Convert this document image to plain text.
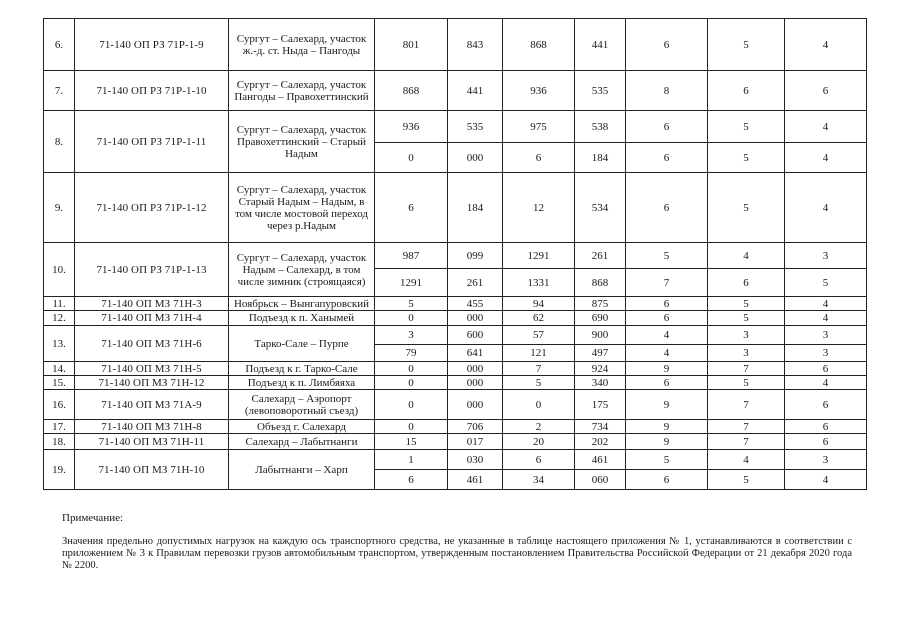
6.	71-140 ОП РЗ 71Р-1-9	Сургут – Салехард, участок ж.-д. ст. Ныда – Пангоды	801	843	868	441	6	5	4
7.	71-140 ОП РЗ 71Р-1-10	Сургут – Салехард, участок Пангоды – Правохеттинский	868	441	936	535	8	6	6
8.	71-140 ОП РЗ 71Р-1-11	Сургут – Салехард, участок Правохеттинский – Старый Надым	936	535	975	538	6	5	4
			0	000	6	184	6	5	4
9.	71-140 ОП РЗ 71Р-1-12	Сургут – Салехард, участок Старый Надым – Надым, в том числе мостовой переход через р.Надым	6	184	12	534	6	5	4
10.	71-140 ОП РЗ 71Р-1-13	Сургут – Салехард, участок Надым – Салехард, в том числе зимник (строящаяся)	987	099	1291	261	5	4	3
			1291	261	1331	868	7	6	5
11.	71-140 ОП МЗ 71Н-3	Ноябрьск – Вынгапуровский	5	455	94	875	6	5	4
12.	71-140 ОП МЗ 71Н-4	Подъезд к п. Ханымей	0	000	62	690	6	5	4
13.	71-140 ОП МЗ 71Н-6	Тарко-Сале – Пурпе	3	600	57	900	4	3	3
			79	641	121	497	4	3	3
14.	71-140 ОП МЗ 71Н-5	Подъезд к г. Тарко-Сале	0	000	7	924	9	7	6
15.	71-140 ОП МЗ 71Н-12	Подъезд к п. Лимбяяха	0	000	5	340	6	5	4
16.	71-140 ОП МЗ 71А-9	Салехард – Аэропорт (левоповоротный съезд)	0	000	0	175	9	7	6
17.	71-140 ОП МЗ 71Н-8	Объезд г. Салехард	0	706	2	734	9	7	6
18.	71-140 ОП МЗ 71Н-11	Салехард – Лабытнанги	15	017	20	202	9	7	6
19.	71-140 ОП МЗ 71Н-10	Лабытнанги – Харп	1	030	6	461	5	4	3
			6	461	34	060	6	5	4
Примечание:
Значения предельно допустимых нагрузок на каждую ось транспортного средства, не указанные в таблице настоящего приложения № 1, устанавливаются в соответствии с приложением № 3 к Правилам перевозки грузов автомобильным транспортом, утвержденным постановлением Правительства Российской Федерации от 21 декабря 2020 года № 2200.
